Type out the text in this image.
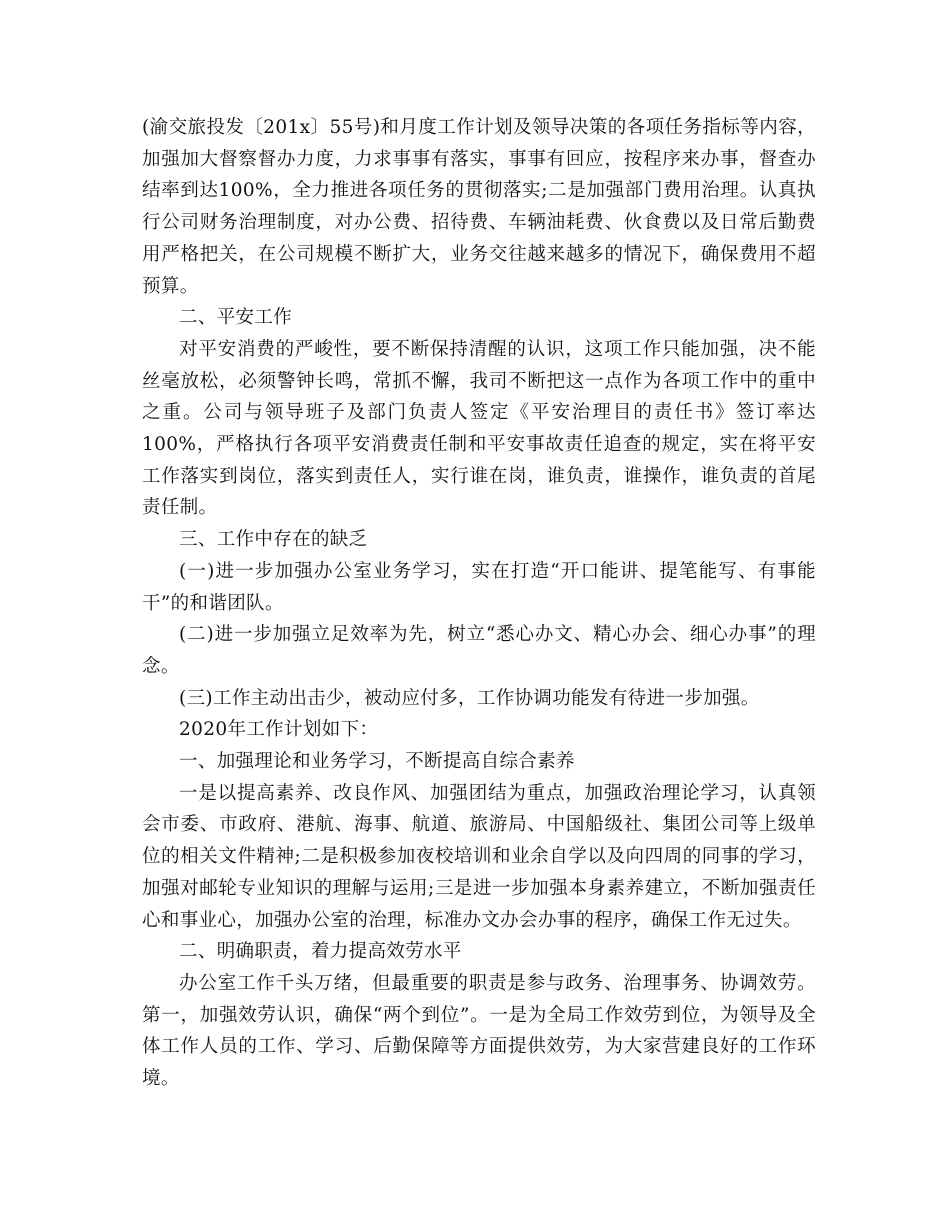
(渝交旅投发〔201x〕55号)和月度工作计划及领导决策的各项任务指标等内容，加强加大督察督办力度，力求事事有落实，事事有回应，按程序来办事，督查办结率到达100%，全力推进各项任务的贯彻落实;二是加强部门费用治理。认真执行公司财务治理制度，对办公费、招待费、车辆油耗费、伙食费以及日常后勤费用严格把关，在公司规模不断扩大，业务交往越来越多的情况下，确保费用不超预算。

二、平安工作

对平安消费的严峻性，要不断保持清醒的认识，这项工作只能加强，决不能丝毫放松，必须警钟长鸣，常抓不懈，我司不断把这一点作为各项工作中的重中之重。公司与领导班子及部门负责人签定《平安治理目的责任书》签订率达100%，严格执行各项平安消费责任制和平安事故责任追查的规定，实在将平安工作落实到岗位，落实到责任人，实行谁在岗，谁负责，谁操作，谁负责的首尾责任制。

三、工作中存在的缺乏

(一)进一步加强办公室业务学习，实在打造“开口能讲、提笔能写、有事能干”的和谐团队。

(二)进一步加强立足效率为先，树立“悉心办文、精心办会、细心办事”的理念。

(三)工作主动出击少，被动应付多，工作协调功能发有待进一步加强。

2020年工作计划如下：

一、加强理论和业务学习，不断提高自综合素养

一是以提高素养、改良作风、加强团结为重点，加强政治理论学习，认真领会市委、市政府、港航、海事、航道、旅游局、中国船级社、集团公司等上级单位的相关文件精神;二是积极参加夜校培训和业余自学以及向四周的同事的学习，加强对邮轮专业知识的理解与运用;三是进一步加强本身素养建立，不断加强责任心和事业心，加强办公室的治理，标准办文办会办事的程序，确保工作无过失。

二、明确职责，着力提高效劳水平

办公室工作千头万绪，但最重要的职责是参与政务、治理事务、协调效劳。第一，加强效劳认识，确保“两个到位”。一是为全局工作效劳到位，为领导及全体工作人员的工作、学习、后勤保障等方面提供效劳，为大家营建良好的工作环境。
